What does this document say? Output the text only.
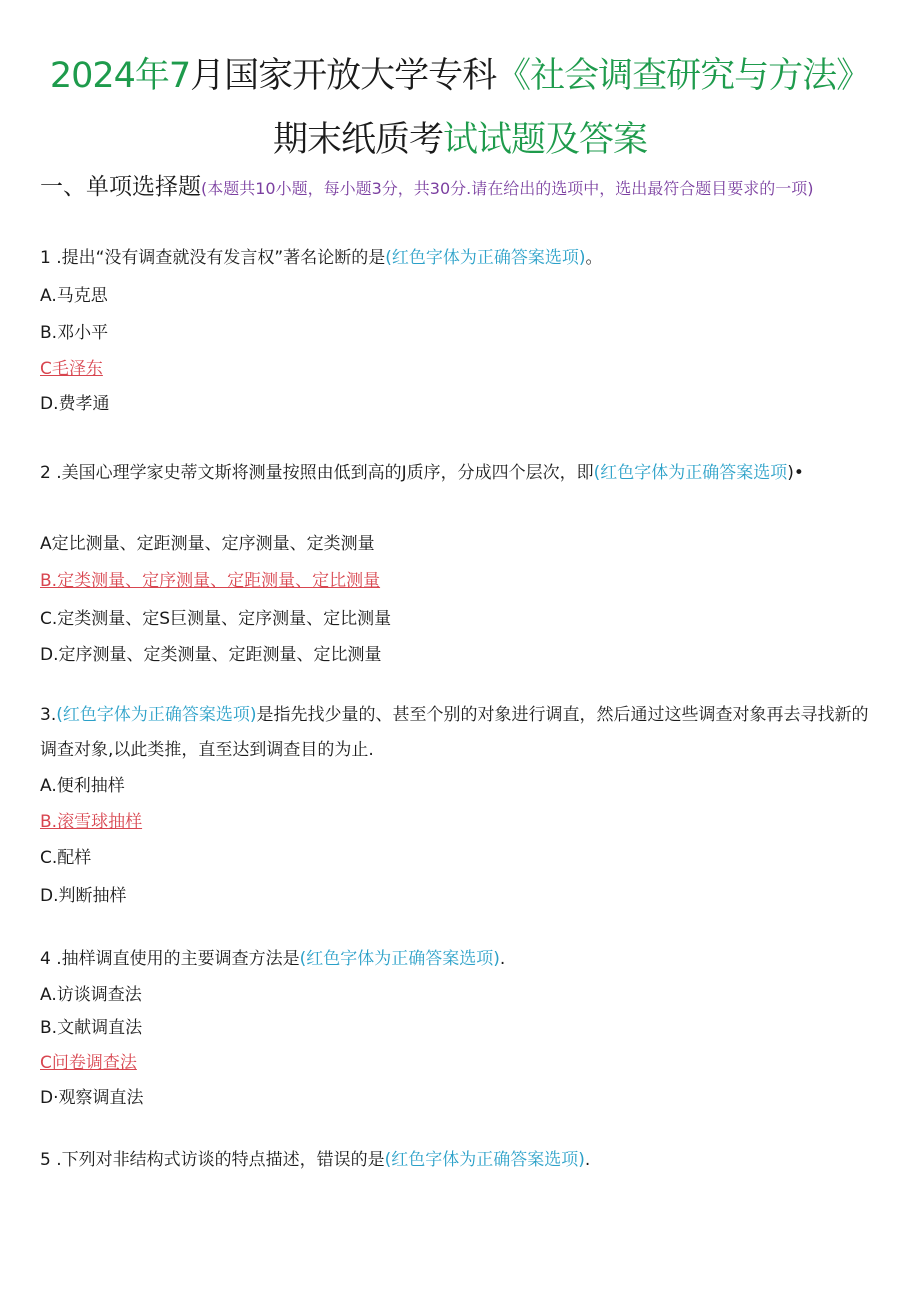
2024年7月国家开放大学专科《社会调查研究与方法》
期末纸质考试试题及答案
一、单项选择题(本题共10小题，每小题3分，共30分.请在给出的选项中，选出最符合题目要求的一项)
1 .提出“没有调查就没有发言权”著名论断的是(红色字体为正确答案选项)。
A.马克思
B.邓小平
C毛泽东
D.费孝通
2 .美国心理学家史蒂文斯将测量按照由低到高的J质序，分成四个层次，即(红色字体为正确答案选项)•
A定比测量、定距测量、定序测量、定类测量
B.定类测量、定序测量、定距测量、定比测量
C.定类测量、定S巨测量、定序测量、定比测量
D.定序测量、定类测量、定距测量、定比测量
3.(红色字体为正确答案选项)是指先找少量的、甚至个别的对象进行调直，然后通过这些调查对象再去寻找新的调查对象,以此类推，直至达到调查目的为止.
A.便利抽样
B.滚雪球抽样
C.配样
D.判断抽样
4 .抽样调直使用的主要调查方法是(红色字体为正确答案选项).
A.访谈调查法
B.文献调直法
C问卷调查法
D·观察调直法
5 .下列对非结构式访谈的特点描述，错误的是(红色字体为正确答案选项).
